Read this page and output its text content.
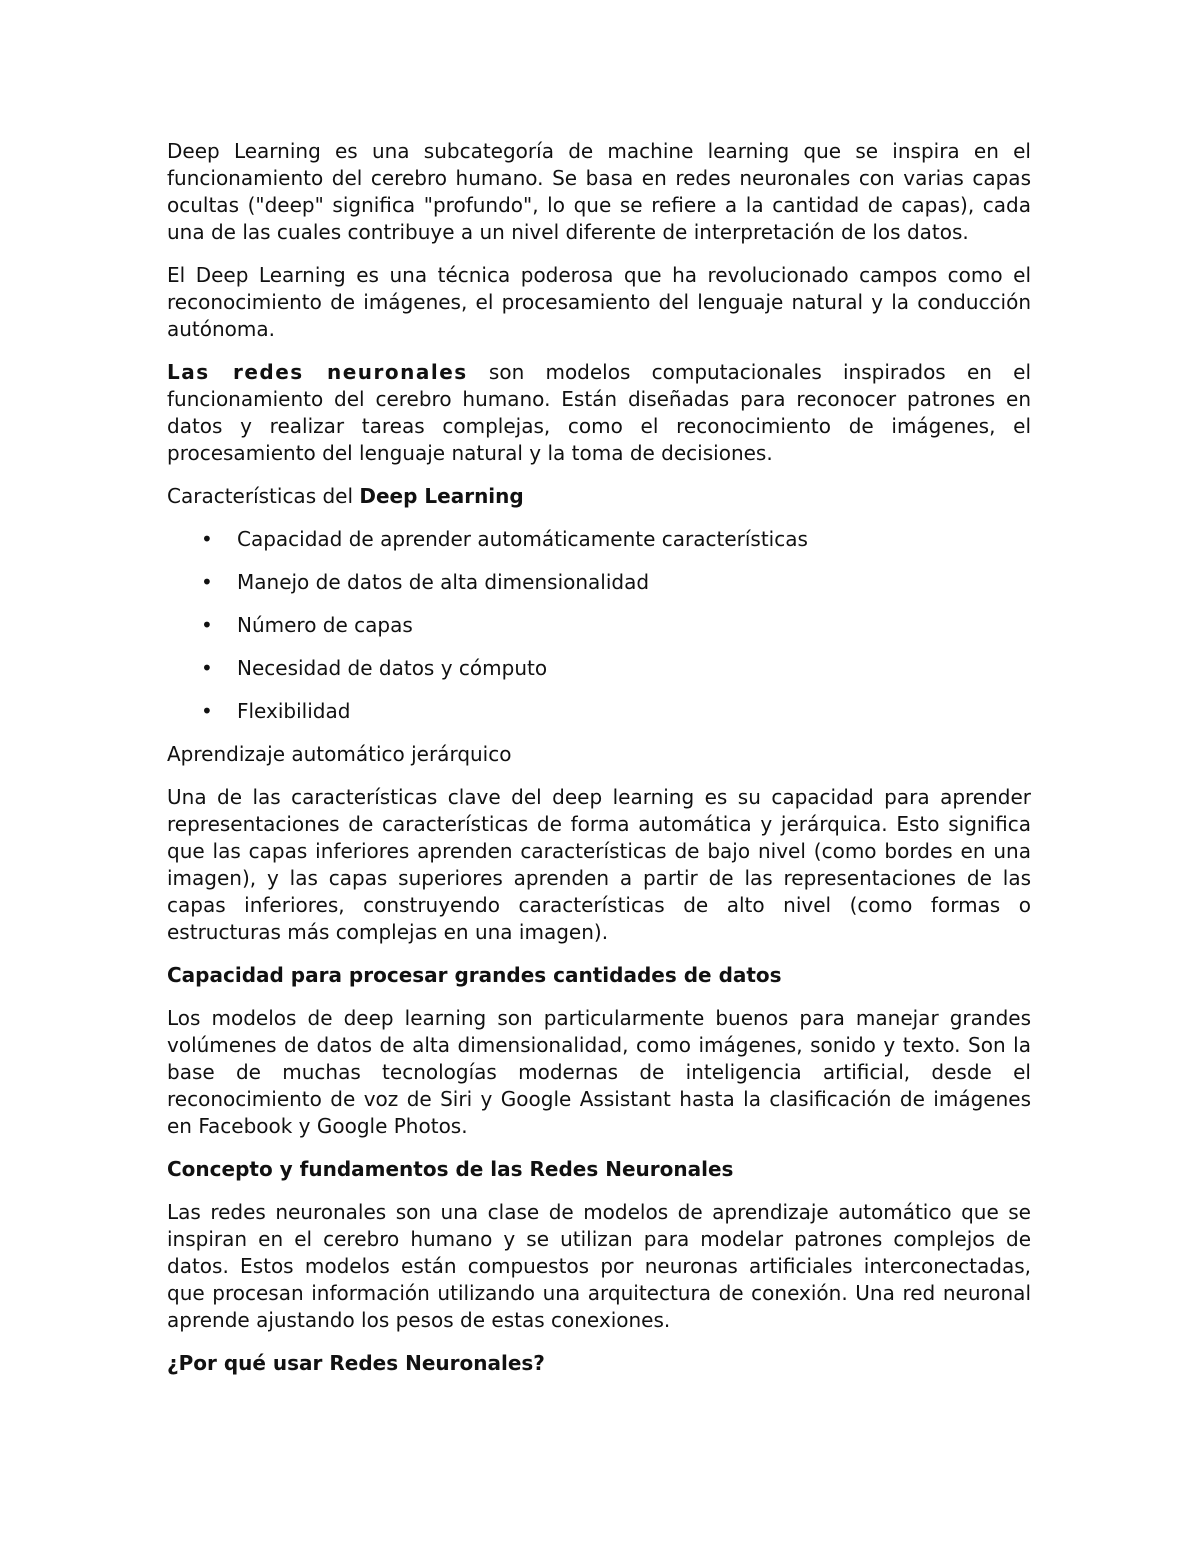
Deep Learning es una subcategoría de machine learning que se inspira en el funcionamiento del cerebro humano. Se basa en redes neuronales con varias capas ocultas ("deep" significa "profundo", lo que se refiere a la cantidad de capas), cada una de las cuales contribuye a un nivel diferente de interpretación de los datos.

El Deep Learning es una técnica poderosa que ha revolucionado campos como el reconocimiento de imágenes, el procesamiento del lenguaje natural y la conducción autónoma.

Las redes neuronales son modelos computacionales inspirados en el funcionamiento del cerebro humano. Están diseñadas para reconocer patrones en datos y realizar tareas complejas, como el reconocimiento de imágenes, el procesamiento del lenguaje natural y la toma de decisiones.

Características del Deep Learning

•	Capacidad de aprender automáticamente características
•	Manejo de datos de alta dimensionalidad
•	Número de capas
•	Necesidad de datos y cómputo
•	Flexibilidad

Aprendizaje automático jerárquico

Una de las características clave del deep learning es su capacidad para aprender representaciones de características de forma automática y jerárquica. Esto significa que las capas inferiores aprenden características de bajo nivel (como bordes en una imagen), y las capas superiores aprenden a partir de las representaciones de las capas inferiores, construyendo características de alto nivel (como formas o estructuras más complejas en una imagen).

Capacidad para procesar grandes cantidades de datos

Los modelos de deep learning son particularmente buenos para manejar grandes volúmenes de datos de alta dimensionalidad, como imágenes, sonido y texto. Son la base de muchas tecnologías modernas de inteligencia artificial, desde el reconocimiento de voz de Siri y Google Assistant hasta la clasificación de imágenes en Facebook y Google Photos.

Concepto y fundamentos de las Redes Neuronales

Las redes neuronales son una clase de modelos de aprendizaje automático que se inspiran en el cerebro humano y se utilizan para modelar patrones complejos de datos. Estos modelos están compuestos por neuronas artificiales interconectadas, que procesan información utilizando una arquitectura de conexión. Una red neuronal aprende ajustando los pesos de estas conexiones.

¿Por qué usar Redes Neuronales?
